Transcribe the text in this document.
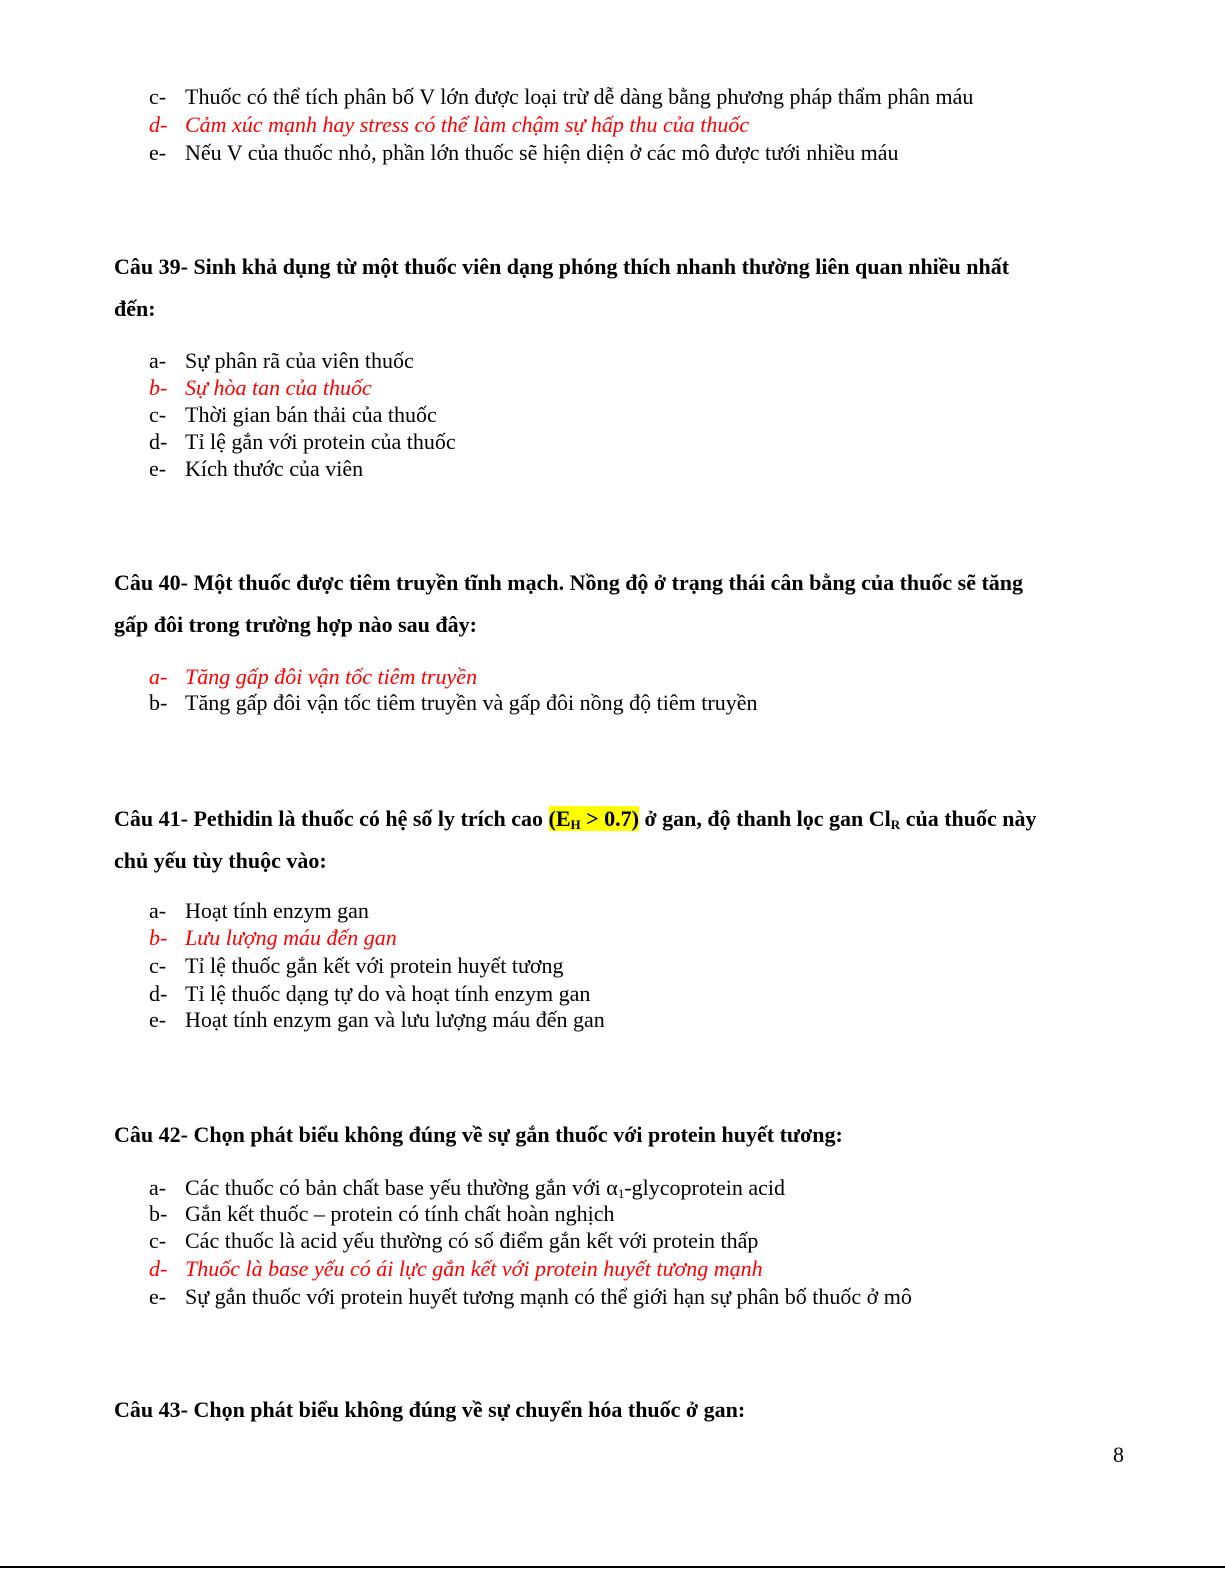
c- Thuốc có thể tích phân bố V lớn được loại trừ dễ dàng bằng phương pháp thẩm phân máu
d- Cảm xúc mạnh hay stress có thể làm chậm sự hấp thu của thuốc
e- Nếu V của thuốc nhỏ, phần lớn thuốc sẽ hiện diện ở các mô được tưới nhiều máu
Câu 39- Sinh khả dụng từ một thuốc viên dạng phóng thích nhanh thường liên quan nhiều nhất
đến:
a- Sự phân rã của viên thuốc
b- Sự hòa tan của thuốc
c- Thời gian bán thải của thuốc
d- Tỉ lệ gắn với protein của thuốc
e- Kích thước của viên
Câu 40- Một thuốc được tiêm truyền tĩnh mạch. Nồng độ ở trạng thái cân bằng của thuốc sẽ tăng
gấp đôi trong trường hợp nào sau đây:
a- Tăng gấp đôi vận tốc tiêm truyền
b- Tăng gấp đôi vận tốc tiêm truyền và gấp đôi nồng độ tiêm truyền
Câu 41- Pethidin là thuốc có hệ số ly trích cao $(E_H > 0.7)$ ở gan, độ thanh lọc gan $Cl_R$ của thuốc này
chủ yếu tùy thuộc vào:
a- Hoạt tính enzym gan
b- Lưu lượng máu đến gan
c- Tỉ lệ thuốc gắn kết với protein huyết tương
d- Tỉ lệ thuốc dạng tự do và hoạt tính enzym gan
e- Hoạt tính enzym gan và lưu lượng máu đến gan
Câu 42- Chọn phát biểu không đúng về sự gắn thuốc với protein huyết tương:
a- Các thuốc có bản chất base yếu thường gắn với $\alpha_1$-glycoprotein acid
b- Gắn kết thuốc – protein có tính chất hoàn nghịch
c- Các thuốc là acid yếu thường có số điểm gắn kết với protein thấp
d- Thuốc là base yếu có ái lực gắn kết với protein huyết tương mạnh
e- Sự gắn thuốc với protein huyết tương mạnh có thể giới hạn sự phân bố thuốc ở mô
Câu 43- Chọn phát biểu không đúng về sự chuyển hóa thuốc ở gan:
8
